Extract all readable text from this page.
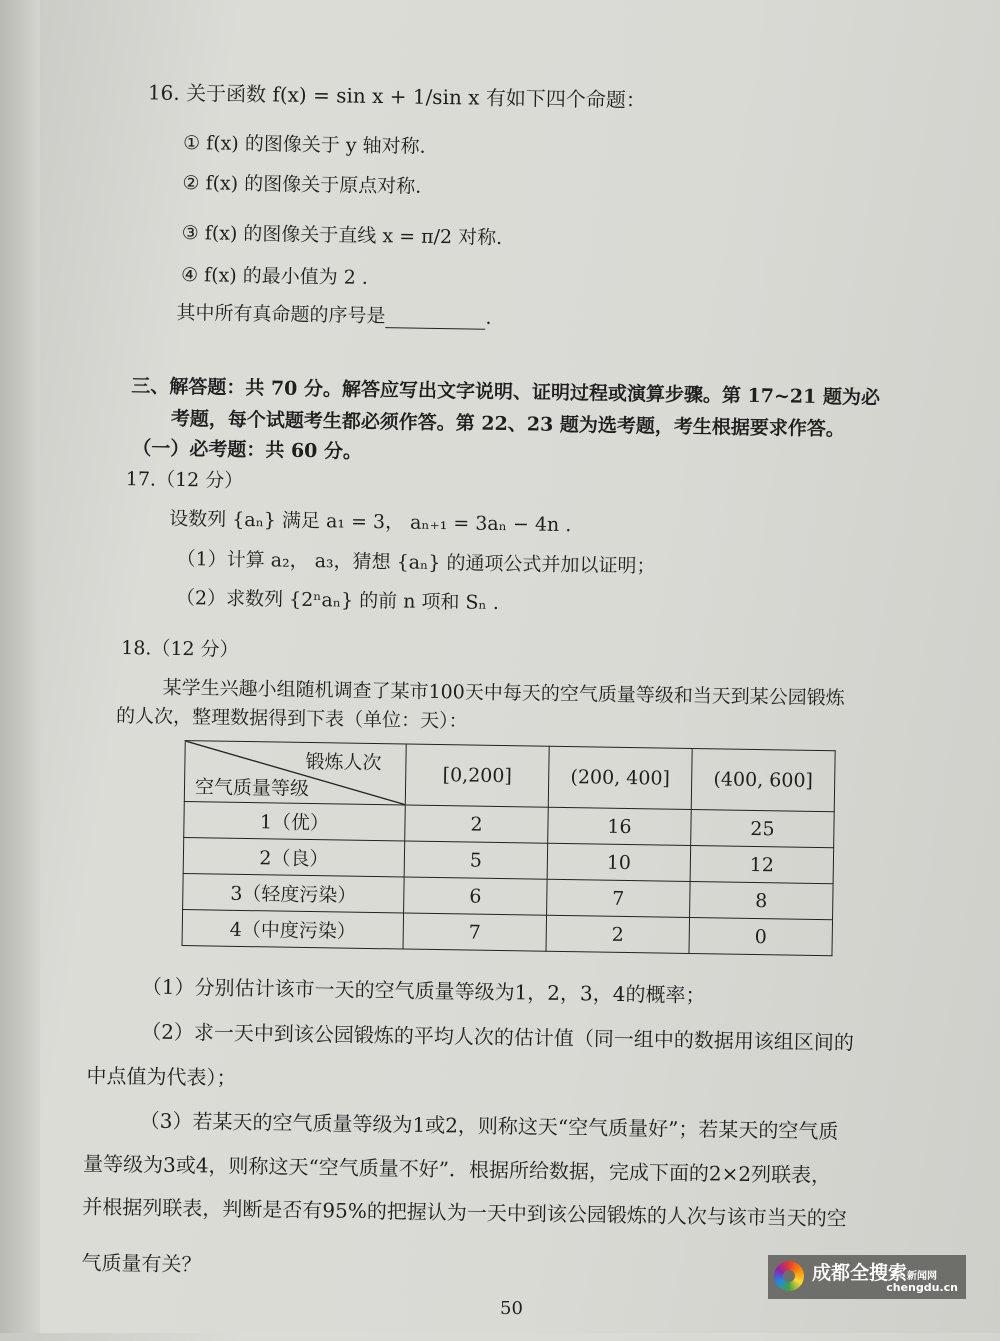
16. 关于函数 f(x) = sin x + 1/sin x 有如下四个命题：
① f(x) 的图像关于 y 轴对称.
② f(x) 的图像关于原点对称.
③ f(x) 的图像关于直线 x = π/2 对称.
④ f(x) 的最小值为 2 .
其中所有真命题的序号是	.
三、解答题：共 70 分。解答应写出文字说明、证明过程或演算步骤。第 17~21 题为必
考题，每个试题考生都必须作答。第 22、23 题为选考题，考生根据要求作答。
（一）必考题：共 60 分。
17.（12 分）
设数列 {aₙ} 满足 a₁ = 3， aₙ₊₁ = 3aₙ − 4n .
（1）计算 a₂， a₃，猜想 {aₙ} 的通项公式并加以证明；
（2）求数列 {2ⁿaₙ} 的前 n 项和 Sₙ .
18.（12 分）
某学生兴趣小组随机调查了某市100天中每天的空气质量等级和当天到某公园锻炼
的人次，整理数据得到下表（单位：天）：
锻炼人次
空气质量等级	[0,200]	(200, 400]	(400, 600]
1（优）	2	16	25
2（良）	5	10	12
3（轻度污染）	6	7	8
4（中度污染）	7	2	0
（1）分别估计该市一天的空气质量等级为1，2，3，4的概率；
（2）求一天中到该公园锻炼的平均人次的估计值（同一组中的数据用该组区间的
中点值为代表）；
（3）若某天的空气质量等级为1或2，则称这天“空气质量好”；若某天的空气质
量等级为3或4，则称这天“空气质量不好”．根据所给数据，完成下面的2×2列联表，
并根据列联表，判断是否有95%的把握认为一天中到该公园锻炼的人次与该市当天的空
气质量有关？
50
成都全搜索新闻网
chengdu.cn
